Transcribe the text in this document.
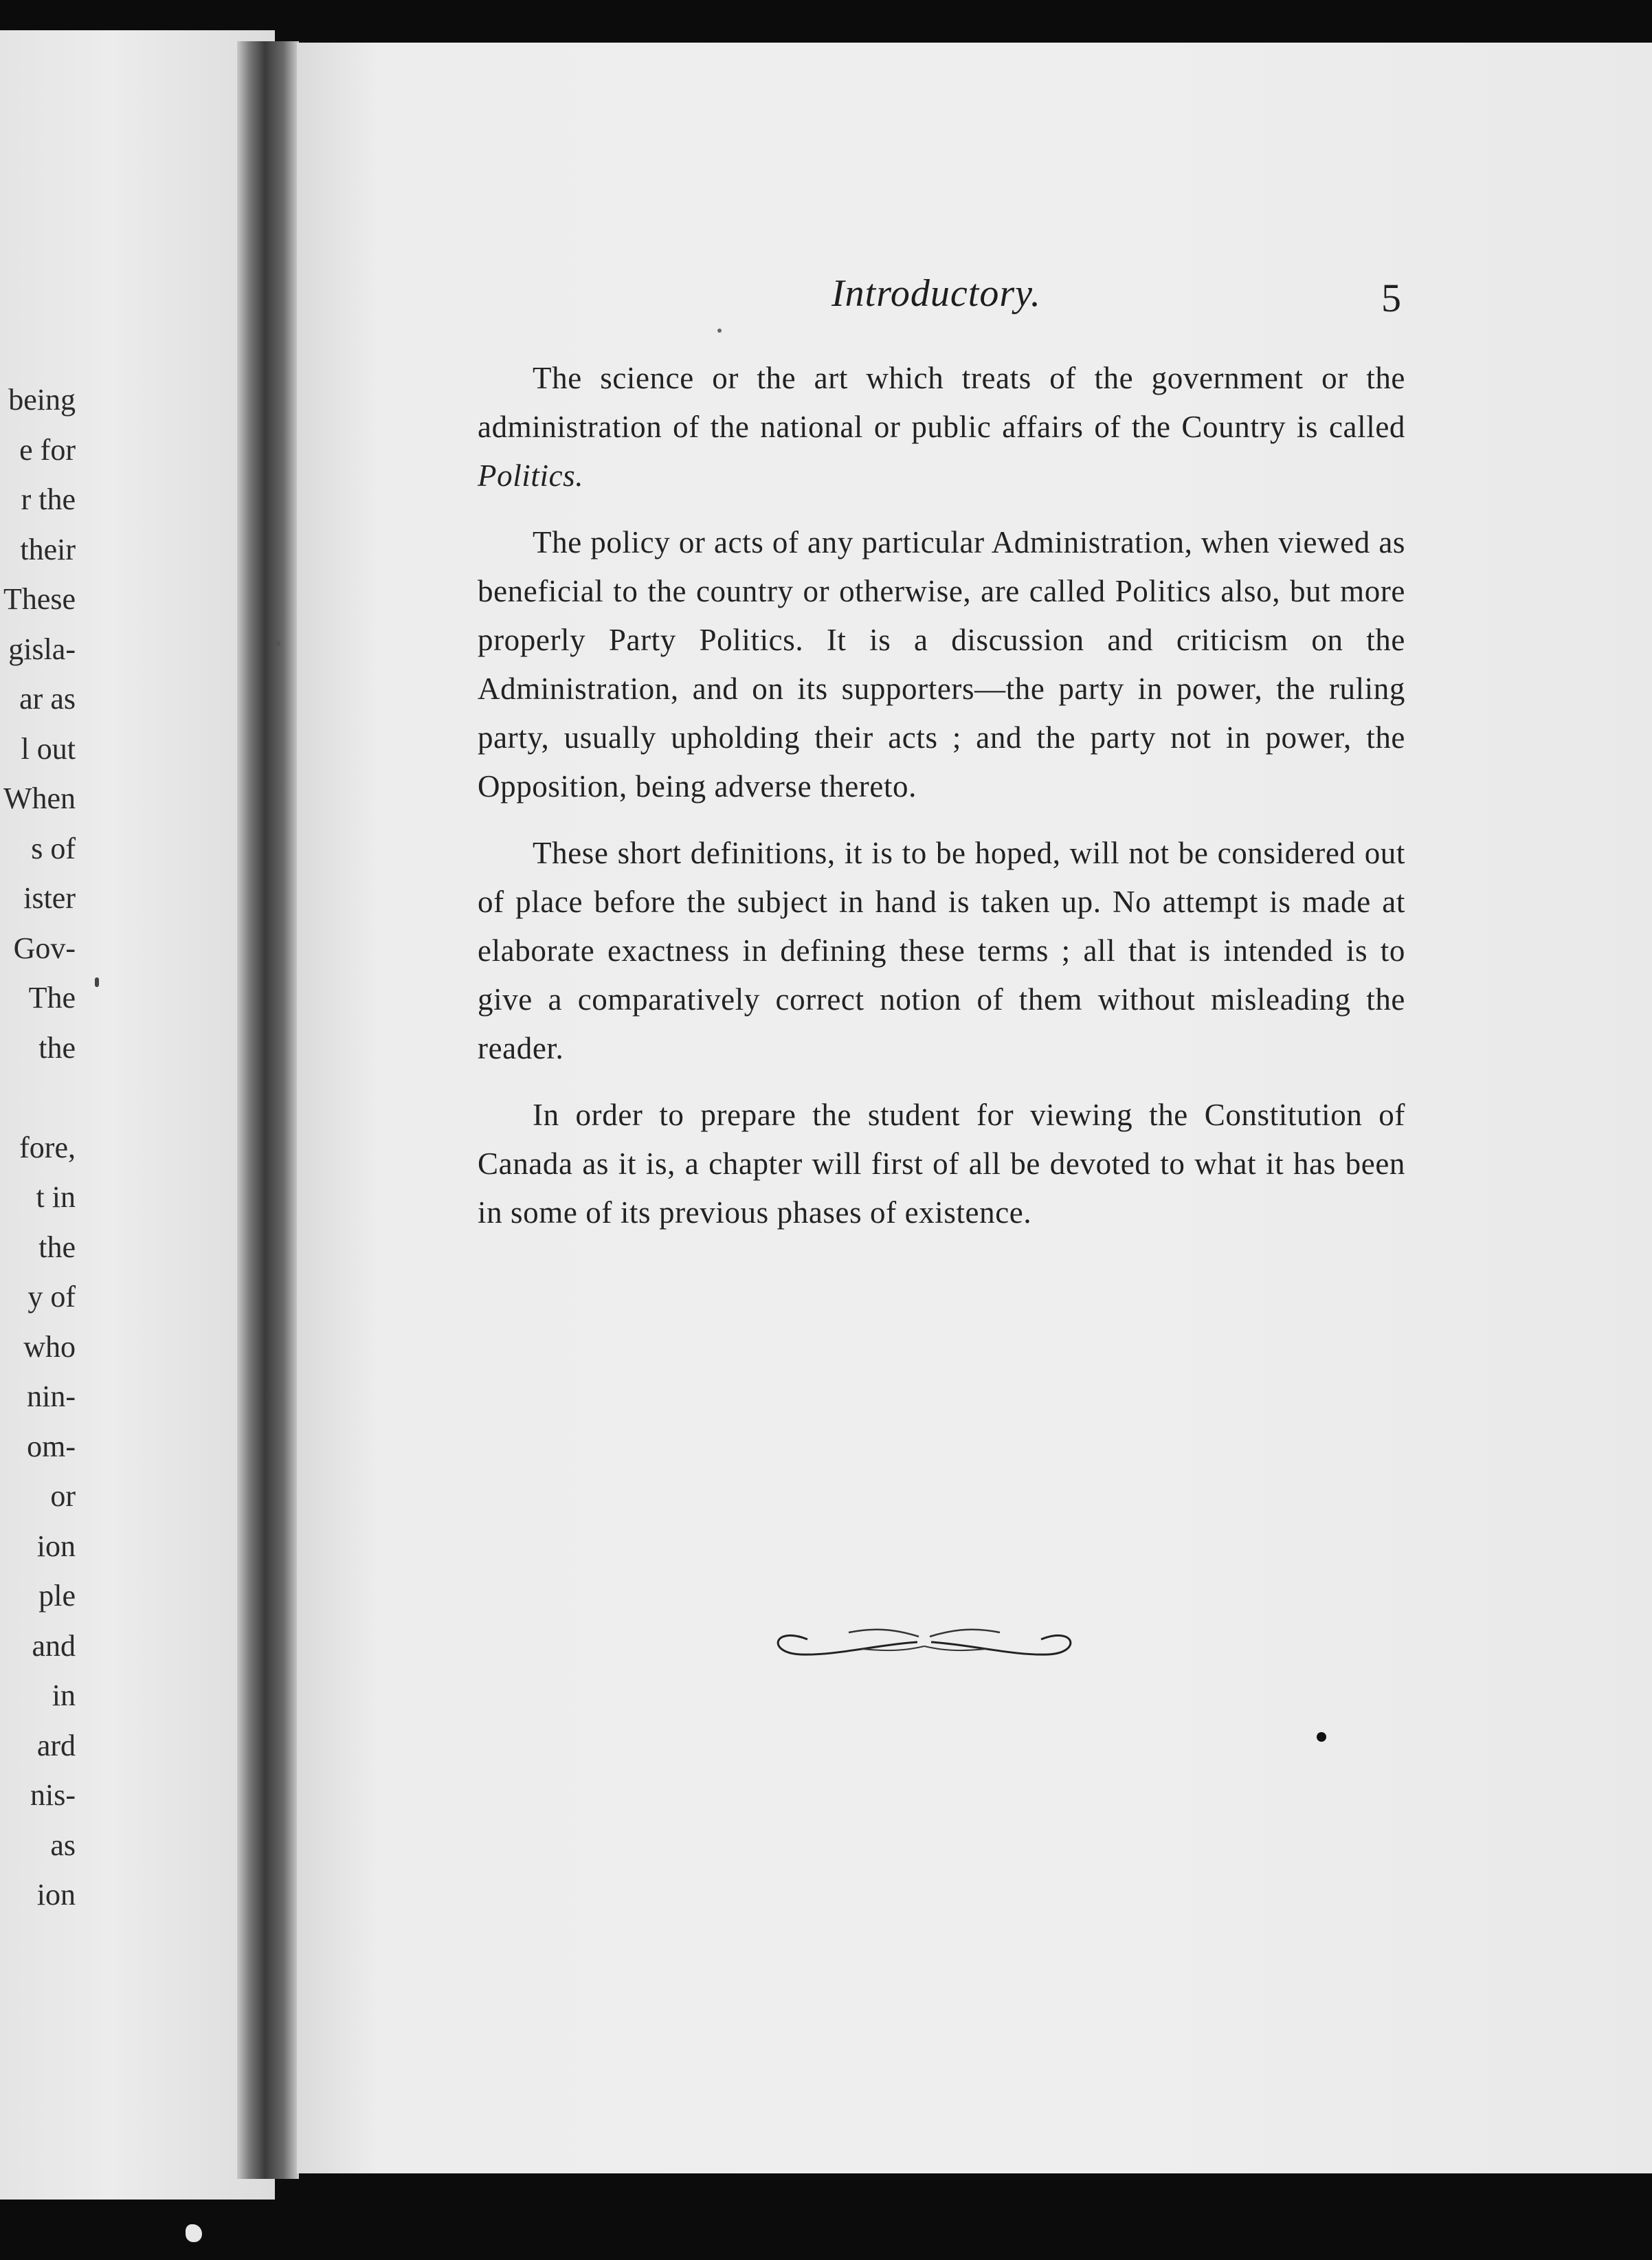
being
e for
r the
their
These
gisla-
ar as
l out
When
s of
ister
Gov-
The
the
fore,
t in
the
y of
who
nin-
om-
or
ion
ple
and
in
ard
nis-
as
ion
Introductory.	5

The science or the art which treats of the government or the administration of the national or public affairs of the Country is called Politics.

The policy or acts of any particular Administration, when viewed as beneficial to the country or otherwise, are called Politics also, but more properly Party Politics. It is a discussion and criticism on the Administration, and on its supporters—the party in power, the ruling party, usually upholding their acts ; and the party not in power, the Opposition, being adverse thereto.

These short definitions, it is to be hoped, will not be considered out of place before the subject in hand is taken up. No attempt is made at elaborate exactness in defining these terms ; all that is intended is to give a comparatively correct notion of them without misleading the reader.

In order to prepare the student for viewing the Constitution of Canada as it is, a chapter will first of all be devoted to what it has been in some of its previous phases of existence.
